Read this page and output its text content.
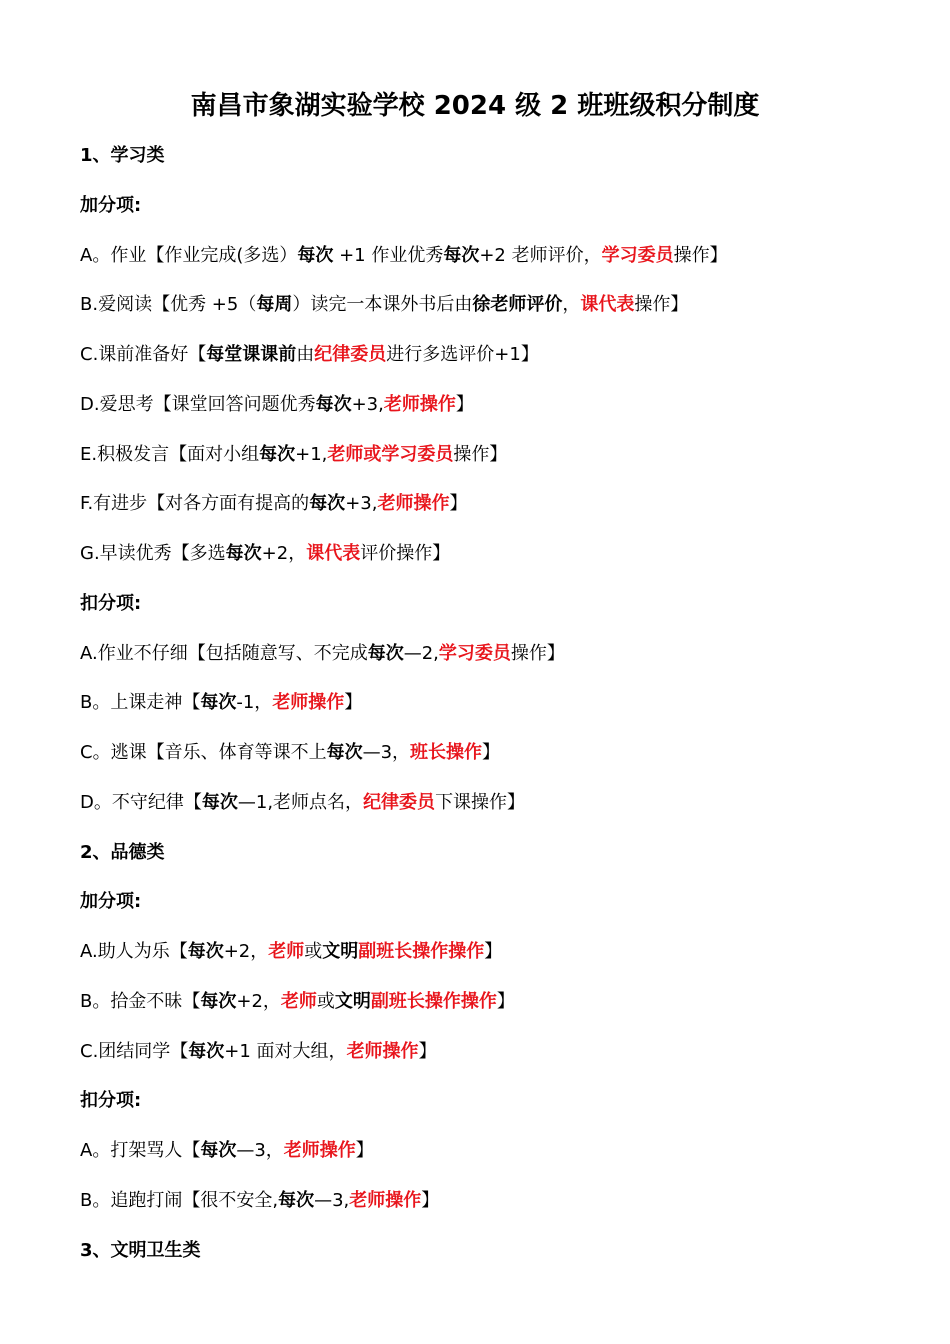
南昌市象湖实验学校 2024 级 2 班班级积分制度
1、学习类
加分项:
A。作业【作业完成(多选）每次 +1 作业优秀每次+2 老师评价，学习委员操作】
B.爱阅读【优秀 +5（每周）读完一本课外书后由徐老师评价，课代表操作】
C.课前准备好【每堂课课前由纪律委员进行多选评价+1】
D.爱思考【课堂回答问题优秀每次+3,老师操作】
E.积极发言【面对小组每次+1,老师或学习委员操作】
F.有进步【对各方面有提高的每次+3,老师操作】
G.早读优秀【多选每次+2，课代表评价操作】
扣分项:
A.作业不仔细【包括随意写、不完成每次—2,学习委员操作】
B。上课走神【每次-1，老师操作】
C。逃课【音乐、体育等课不上每次—3，班长操作】
D。不守纪律【每次—1,老师点名，纪律委员下课操作】
2、品德类
加分项:
A.助人为乐【每次+2，老师或文明副班长操作操作】
B。拾金不昧【每次+2，老师或文明副班长操作操作】
C.团结同学【每次+1 面对大组，老师操作】
扣分项:
A。打架骂人【每次—3，老师操作】
B。追跑打闹【很不安全,每次—3,老师操作】
3、文明卫生类
